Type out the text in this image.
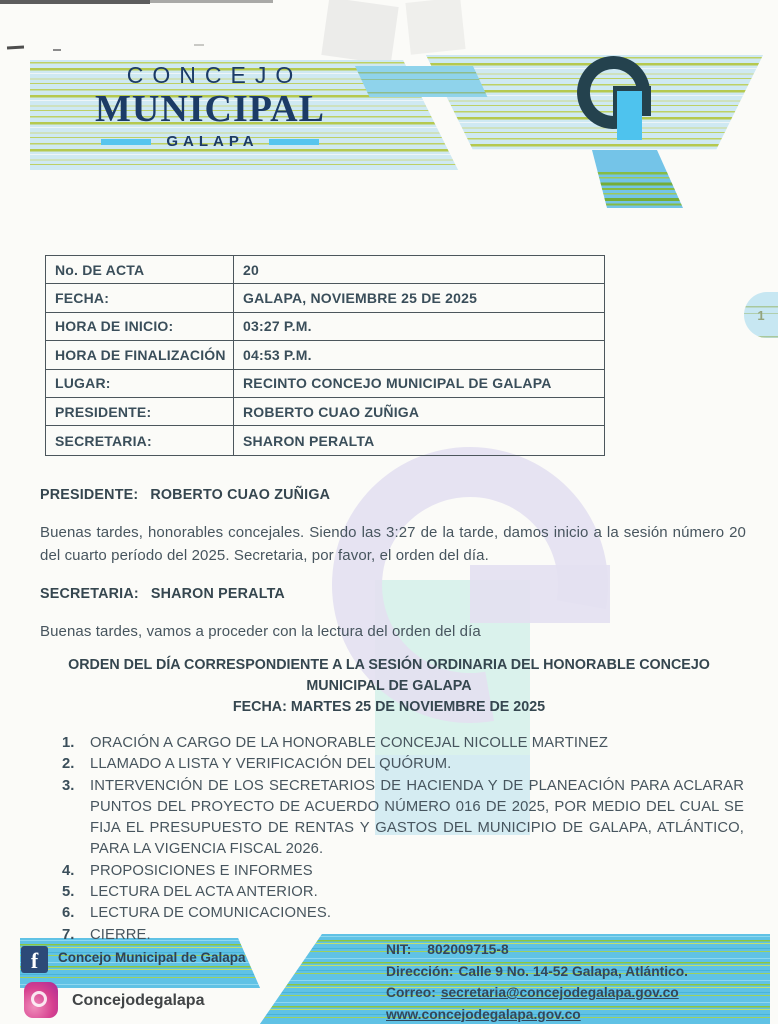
CONCEJO
MUNICIPAL
GALAPA
1
No. DE ACTA	20
FECHA:	GALAPA, NOVIEMBRE 25 DE 2025
HORA DE INICIO:	03:27 P.M.
HORA DE FINALIZACIÓN	04:53 P.M.
LUGAR:	RECINTO CONCEJO MUNICIPAL DE GALAPA
PRESIDENTE:	ROBERTO CUAO ZUÑIGA
SECRETARIA:	SHARON PERALTA
PRESIDENTE: ROBERTO CUAO ZUÑIGA
Buenas tardes, honorables concejales. Siendo las 3:27 de la tarde, damos inicio a la sesión número 20 del cuarto período del 2025. Secretaria, por favor, el orden del día.
SECRETARIA: SHARON PERALTA
Buenas tardes, vamos a proceder con la lectura del orden del día
ORDEN DEL DÍA CORRESPONDIENTE A LA SESIÓN ORDINARIA DEL HONORABLE CONCEJO
MUNICIPAL DE GALAPA
FECHA: MARTES 25 DE NOVIEMBRE DE 2025
1.	ORACIÓN A CARGO DE LA HONORABLE CONCEJAL NICOLLE MARTINEZ
2.	LLAMADO A LISTA Y VERIFICACIÓN DEL QUÓRUM.
3.	INTERVENCIÓN DE LOS SECRETARIOS DE HACIENDA Y DE PLANEACIÓN PARA ACLARAR PUNTOS DEL PROYECTO DE ACUERDO NÚMERO 016 DE 2025, POR MEDIO DEL CUAL SE FIJA EL PRESUPUESTO DE RENTAS Y GASTOS DEL MUNICIPIO DE GALAPA, ATLÁNTICO, PARA LA VIGENCIA FISCAL 2026.
4.	PROPOSICIONES E INFORMES
5.	LECTURA DEL ACTA ANTERIOR.
6.	LECTURA DE COMUNICACIONES.
7.	CIERRE.
f Concejo Municipal de Galapa
Concejodegalapa
NIT: 802009715-8
Dirección: Calle 9 No. 14-52 Galapa, Atlántico.
Correo: secretaria@concejodegalapa.gov.co
www.concejodegalapa.gov.co
